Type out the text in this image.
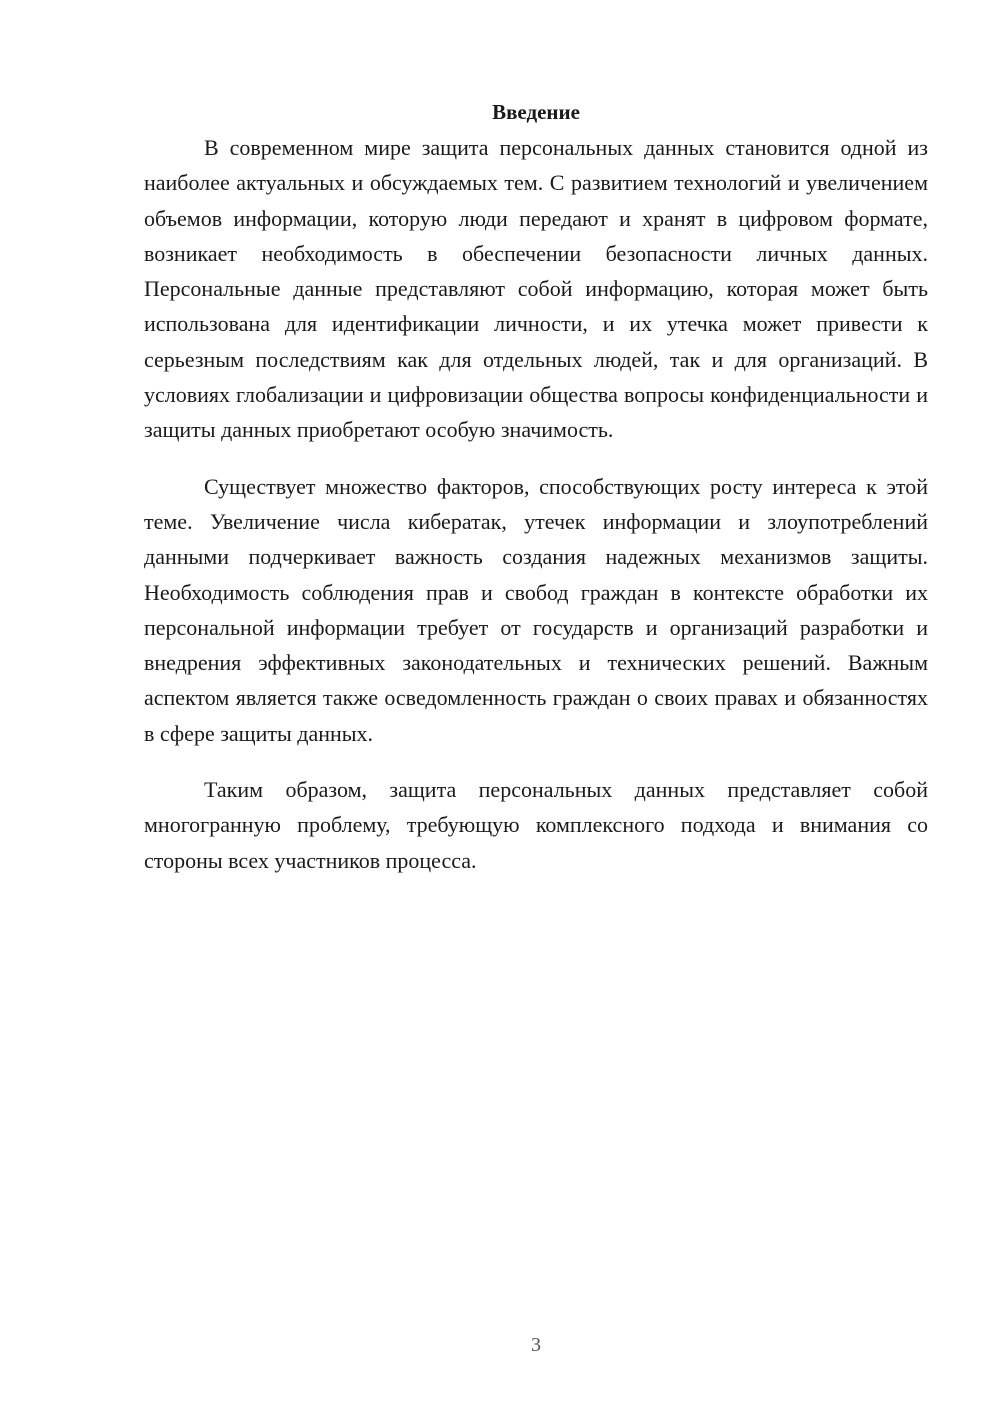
Введение

В современном мире защита персональных данных становится одной из наиболее актуальных и обсуждаемых тем. С развитием технологий и увеличением объемов информации, которую люди передают и хранят в цифровом формате, возникает необходимость в обеспечении безопасности личных данных. Персональные данные представляют собой информацию, которая может быть использована для идентификации личности, и их утечка может привести к серьезным последствиям как для отдельных людей, так и для организаций. В условиях глобализации и цифровизации общества вопросы конфиденциальности и защиты данных приобретают особую значимость.

Существует множество факторов, способствующих росту интереса к этой теме. Увеличение числа кибератак, утечек информации и злоупотреблений данными подчеркивает важность создания надежных механизмов защиты. Необходимость соблюдения прав и свобод граждан в контексте обработки их персональной информации требует от государств и организаций разработки и внедрения эффективных законодательных и технических решений. Важным аспектом является также осведомленность граждан о своих правах и обязанностях в сфере защиты данных.

Таким образом, защита персональных данных представляет собой многогранную проблему, требующую комплексного подхода и внимания со стороны всех участников процесса.

3
